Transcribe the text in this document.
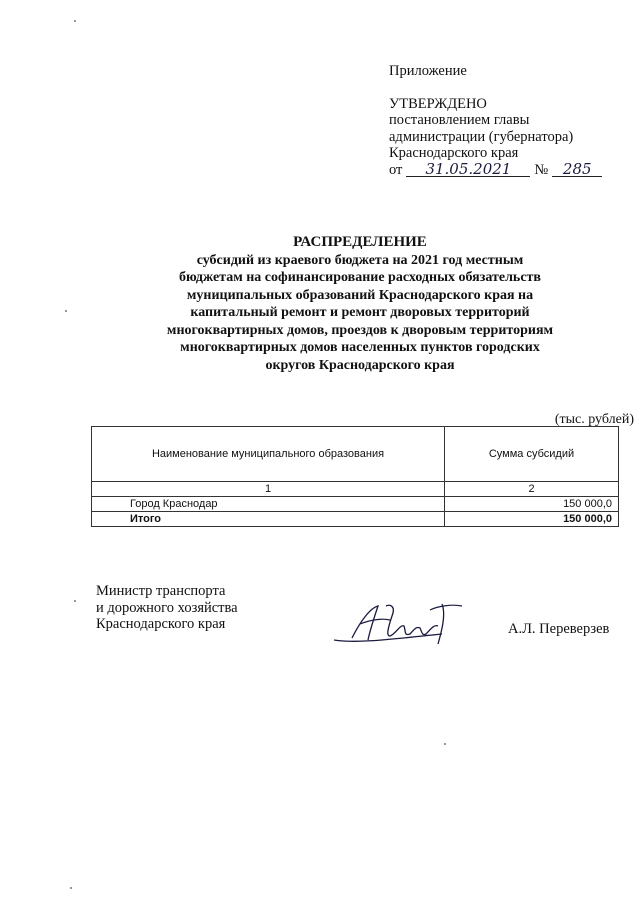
Приложение
УТВЕРЖДЕНО
постановлением главы
администрации (губернатора)
Краснодарского края
от 31.05.2021 № 285
РАСПРЕДЕЛЕНИЕ
субсидий из краевого бюджета на 2021 год местным
бюджетам на софинансирование расходных обязательств
муниципальных образований Краснодарского края на
капитальный ремонт и ремонт дворовых территорий
многоквартирных домов, проездов к дворовым территориям
многоквартирных домов населенных пунктов городских
округов Краснодарского края
(тыс. рублей)
Наименование муниципального образования	Сумма субсидий
1	2
Город Краснодар	150 000,0
Итого	150 000,0
Министр транспорта
и дорожного хозяйства
Краснодарского края	А.Л. Переверзев
